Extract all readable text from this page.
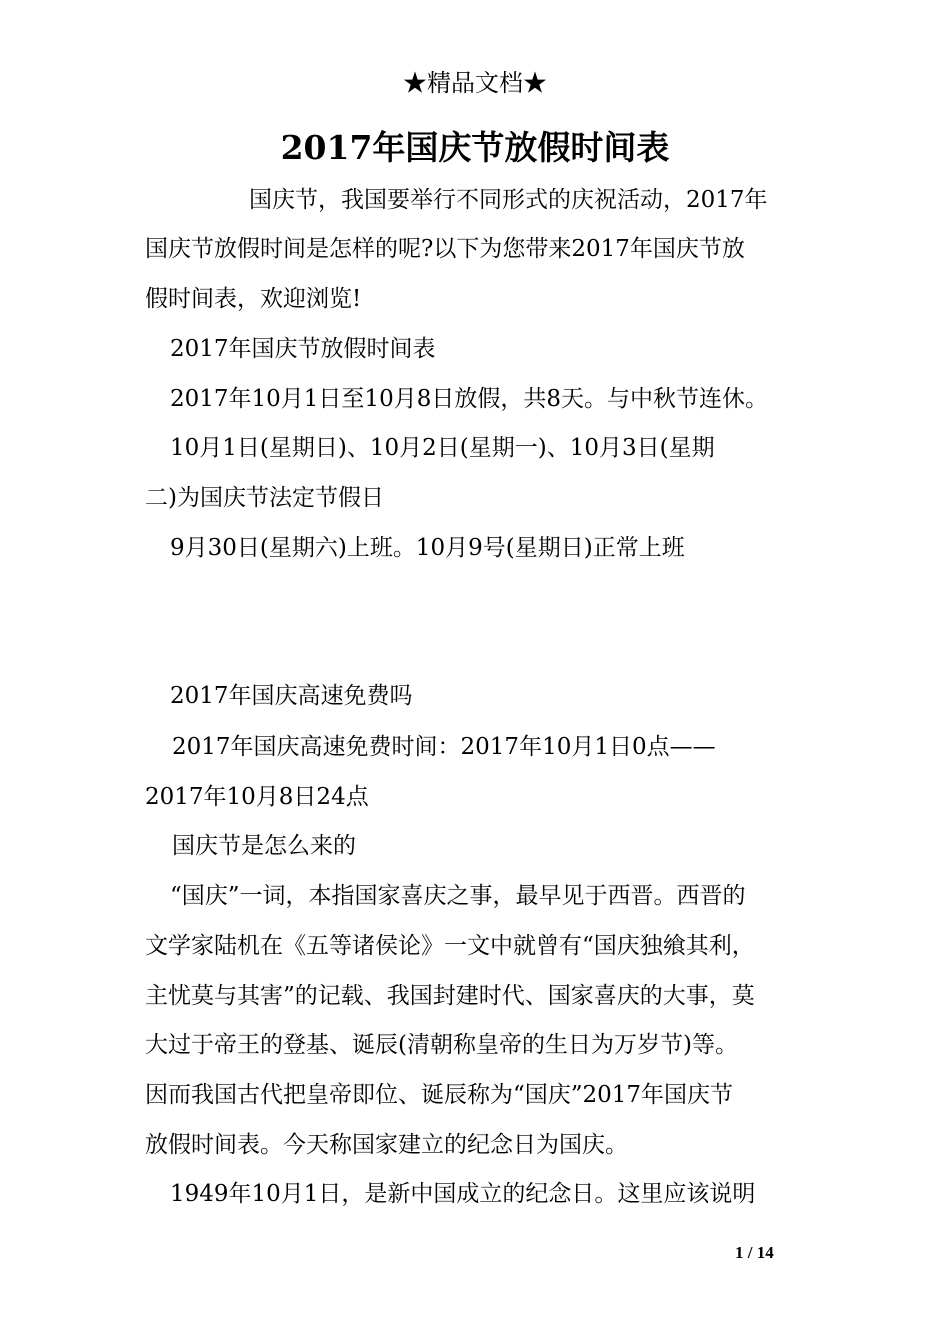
★精品文档★
2017年国庆节放假时间表
国庆节，我国要举行不同形式的庆祝活动，2017年
国庆节放假时间是怎样的呢?以下为您带来2017年国庆节放
假时间表，欢迎浏览!
2017年国庆节放假时间表
2017年10月1日至10月8日放假，共8天。与中秋节连休。
10月1日(星期日)、10月2日(星期一)、10月3日(星期
二)为国庆节法定节假日
9月30日(星期六)上班。10月9号(星期日)正常上班
2017年国庆高速免费吗
2017年国庆高速免费时间：2017年10月1日0点——
2017年10月8日24点
国庆节是怎么来的
“国庆”一词，本指国家喜庆之事，最早见于西晋。西晋的
文学家陆机在《五等诸侯论》一文中就曾有“国庆独飨其利，
主忧莫与其害”的记载、我国封建时代、国家喜庆的大事，莫
大过于帝王的登基、诞辰(清朝称皇帝的生日为万岁节)等。
因而我国古代把皇帝即位、诞辰称为“国庆”2017年国庆节
放假时间表。今天称国家建立的纪念日为国庆。
1949年10月1日，是新中国成立的纪念日。这里应该说明
1 / 14
